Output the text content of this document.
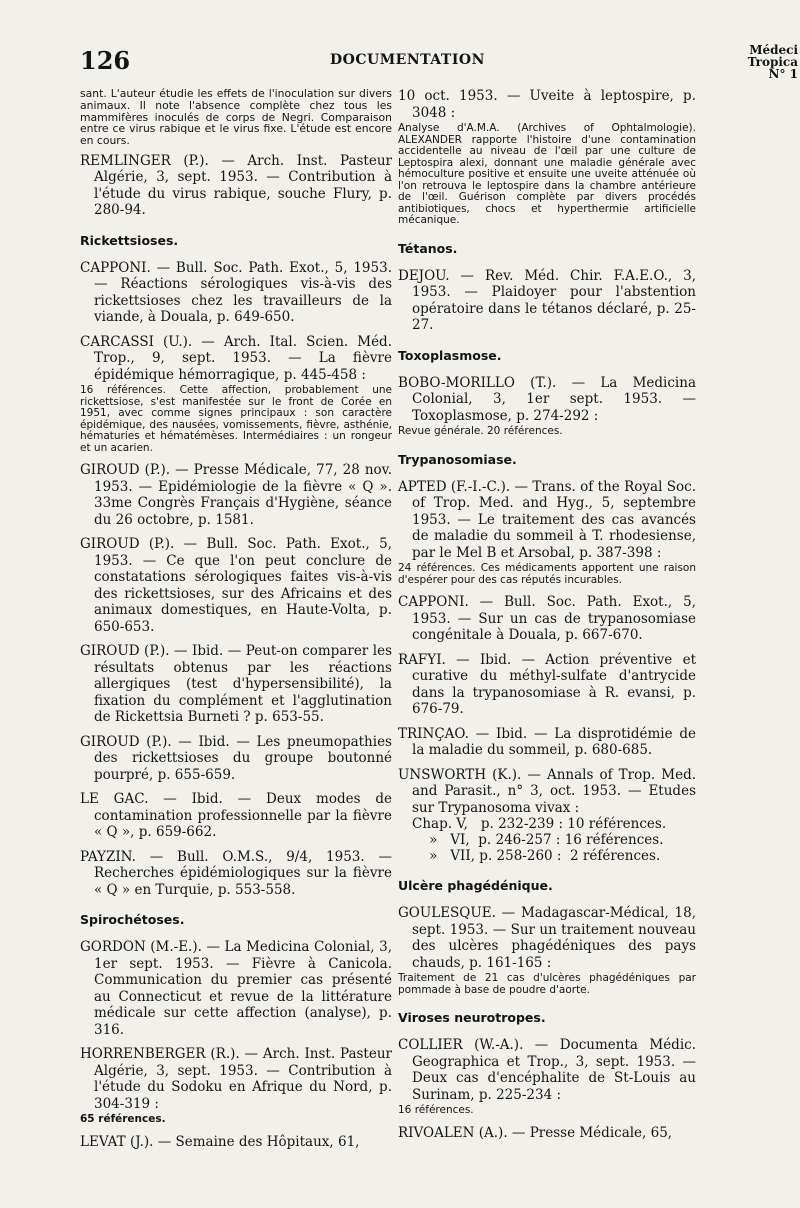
126	DOCUMENTATION
Médeci
Tropica
N° 1

sant. L'auteur étudie les effets de l'inoculation sur divers animaux. Il note l'absence complète chez tous les mammifères inoculés de corps de Negri. Comparaison entre ce virus rabique et le virus fixe. L'étude est encore en cours.

REMLINGER (P.). — Arch. Inst. Pasteur Algérie, 3, sept. 1953. — Contribution à l'étude du virus rabique, souche Flury, p. 280-94.

Rickettsioses.

CAPPONI. — Bull. Soc. Path. Exot., 5, 1953. — Réactions sérologiques vis-à-vis des rickettsioses chez les travailleurs de la viande, à Douala, p. 649-650.

CARCASSI (U.). — Arch. Ital. Scien. Méd. Trop., 9, sept. 1953. — La fièvre épidémique hémorragique, p. 445-458 :

16 références. Cette affection, probablement une rickettsiose, s'est manifestée sur le front de Corée en 1951, avec comme signes principaux : son caractère épidémique, des nausées, vomissements, fièvre, asthénie, hématuries et hématémèses. Intermédiaires : un rongeur et un acarien.

GIROUD (P.). — Presse Médicale, 77, 28 nov. 1953. — Epidémiologie de la fièvre « Q ». 33me Congrès Français d'Hygiène, séance du 26 octobre, p. 1581.

GIROUD (P.). — Bull. Soc. Path. Exot., 5, 1953. — Ce que l'on peut conclure de constatations sérologiques faites vis-à-vis des rickettsioses, sur des Africains et des animaux domestiques, en Haute-Volta, p. 650-653.

GIROUD (P.). — Ibid. — Peut-on comparer les résultats obtenus par les réactions allergiques (test d'hypersensibilité), la fixation du complément et l'agglutination de Rickettsia Burneti ? p. 653-55.

GIROUD (P.). — Ibid. — Les pneumopathies des rickettsioses du groupe boutonné pourpré, p. 655-659.

LE GAC. — Ibid. — Deux modes de contamination professionnelle par la fièvre « Q », p. 659-662.

PAYZIN. — Bull. O.M.S., 9/4, 1953. — Recherches épidémiologiques sur la fièvre « Q » en Turquie, p. 553-558.

Spirochétoses.

GORDON (M.-E.). — La Medicina Colonial, 3, 1er sept. 1953. — Fièvre à Canicola. Communication du premier cas présenté au Connecticut et revue de la littérature médicale sur cette affection (analyse), p. 316.

HORRENBERGER (R.). — Arch. Inst. Pasteur Algérie, 3, sept. 1953. — Contribution à l'étude du Sodoku en Afrique du Nord, p. 304-319 :

65 références.

LEVAT (J.). — Semaine des Hôpitaux, 61,

10 oct. 1953. — Uveite à leptospire, p. 3048 :

Analyse d'A.M.A. (Archives of Ophtalmologie). ALEXANDER rapporte l'histoire d'une contamination accidentelle au niveau de l'œil par une culture de Leptospira alexi, donnant une maladie générale avec hémoculture positive et ensuite une uveite atténuée où l'on retrouva le leptospire dans la chambre antérieure de l'œil. Guérison complète par divers procédés antibiotiques, chocs et hyperthermie artificielle mécanique.

Tétanos.

DEJOU. — Rev. Méd. Chir. F.A.E.O., 3, 1953. — Plaidoyer pour l'abstention opératoire dans le tétanos déclaré, p. 25-27.

Toxoplasmose.

BOBO-MORILLO (T.). — La Medicina Colonial, 3, 1er sept. 1953. — Toxoplasmose, p. 274-292 :

Revue générale. 20 références.

Trypanosomiase.

APTED (F.-I.-C.). — Trans. of the Royal Soc. of Trop. Med. and Hyg., 5, septembre 1953. — Le traitement des cas avancés de maladie du sommeil à T. rhodesiense, par le Mel B et Arsobal, p. 387-398 :

24 références. Ces médicaments apportent une raison d'espérer pour des cas réputés incurables.

CAPPONI. — Bull. Soc. Path. Exot., 5, 1953. — Sur un cas de trypanosomiase congénitale à Douala, p. 667-670.

RAFYI. — Ibid. — Action préventive et curative du méthyl-sulfate d'antrycide dans la trypanosomiase à R. evansi, p. 676-79.

TRINÇAO. — Ibid. — La disprotidémie de la maladie du sommeil, p. 680-685.

UNSWORTH (K.). — Annals of Trop. Med. and Parasit., n° 3, oct. 1953. — Etudes sur Trypanosoma vivax :

Chap. V,   p. 232-239 : 10 références.
»   VI,  p. 246-257 : 16 références.
»   VII, p. 258-260 :  2 références.
Ulcère phagédénique.

GOULESQUE. — Madagascar-Médical, 18, sept. 1953. — Sur un traitement nouveau des ulcères phagédéniques des pays chauds, p. 161-165 :

Traitement de 21 cas d'ulcères phagédéniques par pommade à base de poudre d'aorte.

Viroses neurotropes.

COLLIER (W.-A.). — Documenta Médic. Geographica et Trop., 3, sept. 1953. — Deux cas d'encéphalite de St-Louis au Surinam, p. 225-234 :

16 références.

RIVOALEN (A.). — Presse Médicale, 65,
